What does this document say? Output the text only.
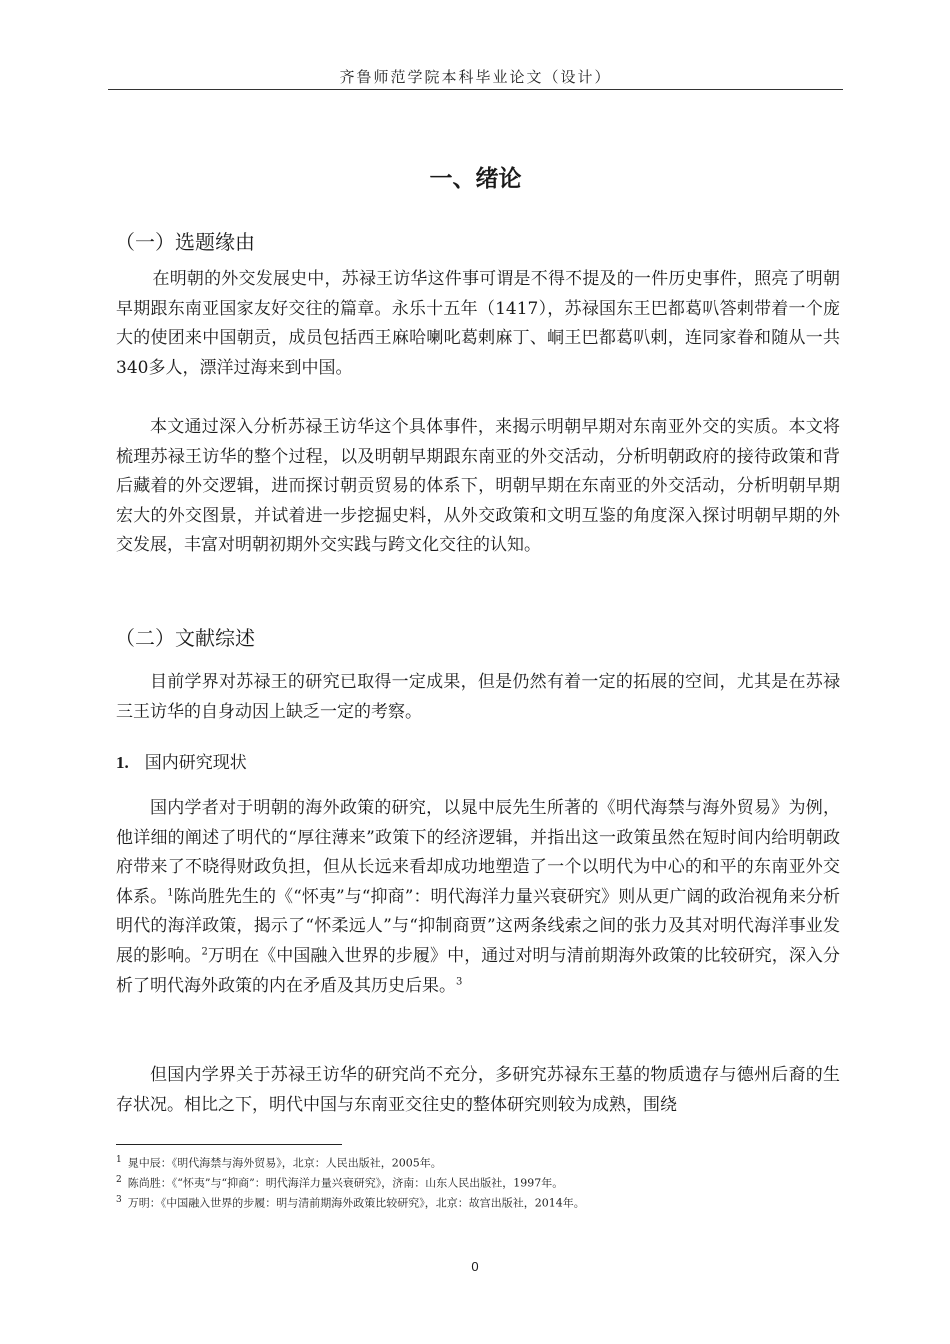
齐鲁师范学院本科毕业论文（设计）
一、绪论
（一）选题缘由

在明朝的外交发展史中，苏禄王访华这件事可谓是不得不提及的一件历史事件，照亮了明朝早期跟东南亚国家友好交往的篇章。永乐十五年（1417），苏禄国东王巴都葛叭答剌带着一个庞大的使团来中国朝贡，成员包括西王麻哈喇叱葛剌麻丁、峒王巴都葛叭剌，连同家眷和随从一共340多人，漂洋过海来到中国。

本文通过深入分析苏禄王访华这个具体事件，来揭示明朝早期对东南亚外交的实质。本文将梳理苏禄王访华的整个过程，以及明朝早期跟东南亚的外交活动，分析明朝政府的接待政策和背后藏着的外交逻辑，进而探讨朝贡贸易的体系下，明朝早期在东南亚的外交活动，分析明朝早期宏大的外交图景，并试着进一步挖掘史料，从外交政策和文明互鉴的角度深入探讨明朝早期的外交发展，丰富对明朝初期外交实践与跨文化交往的认知。

（二）文献综述

目前学界对苏禄王的研究已取得一定成果，但是仍然有着一定的拓展的空间，尤其是在苏禄三王访华的自身动因上缺乏一定的考察。

1. 国内研究现状

国内学者对于明朝的海外政策的研究，以晁中辰先生所著的《明代海禁与海外贸易》为例，他详细的阐述了明代的“厚往薄来”政策下的经济逻辑，并指出这一政策虽然在短时间内给明朝政府带来了不晓得财政负担，但从长远来看却成功地塑造了一个以明代为中心的和平的东南亚外交体系。$^1$陈尚胜先生的《“怀夷”与“抑商”：明代海洋力量兴衰研究》则从更广阔的政治视角来分析明代的海洋政策，揭示了“怀柔远人”与“抑制商贾”这两条线索之间的张力及其对明代海洋事业发展的影响。$^2$万明在《中国融入世界的步履》中，通过对明与清前期海外政策的比较研究，深入分析了明代海外政策的内在矛盾及其历史后果。$^3$

但国内学界关于苏禄王访华的研究尚不充分，多研究苏禄东王墓的物质遗存与德州后裔的生存状况。相比之下，明代中国与东南亚交往史的整体研究则较为成熟，围绕

$^1$ 晁中辰：《明代海禁与海外贸易》，北京：人民出版社，2005年。
$^2$ 陈尚胜：《“怀夷”与“抑商”：明代海洋力量兴衰研究》，济南：山东人民出版社，1997年。
$^3$ 万明：《中国融入世界的步履：明与清前期海外政策比较研究》，北京：故宫出版社，2014年。
0
